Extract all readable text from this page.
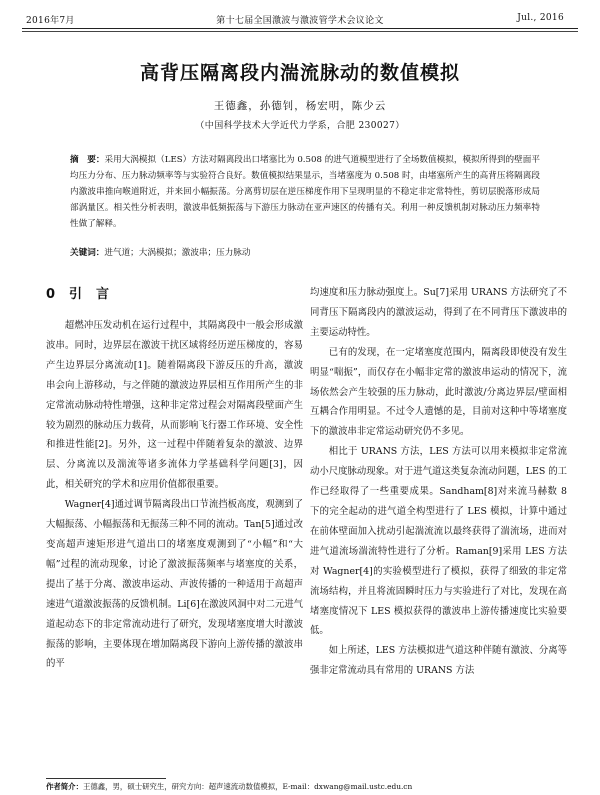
2016年7月	第十七届全国激波与激波管学术会议论文	Jul., 2016
高背压隔离段内湍流脉动的数值模拟
王德鑫，孙德钊，杨宏明，陈少云
（中国科学技术大学近代力学系，合肥 230027）
摘　要：采用大涡模拟（LES）方法对隔离段出口堵塞比为 0.508 的进气道模型进行了全场数值模拟，模拟所得到的壁面平均压力分布、压力脉动频率等与实验符合良好。数值模拟结果显示，当堵塞度为 0.508 时，由堵塞所产生的高背压将隔离段内激波串推向喉道附近，并来回小幅振荡。分离剪切层在逆压梯度作用下呈现明显的不稳定非定常特性，剪切层脱落形成局部涡量区。相关性分析表明，激波串低频振荡与下游压力脉动在亚声速区的传播有关。利用一种反馈机制对脉动压力频率特性做了解释。
关键词：进气道；大涡模拟；激波串；压力脉动
0 引言

超燃冲压发动机在运行过程中，其隔离段中一般会形成激波串。同时，边界层在激波干扰区域将经历逆压梯度的，容易产生边界层分离流动[1]。随着隔离段下游反压的升高，激波串会向上游移动，与之伴随的激波边界层相互作用所产生的非定常流动脉动特性增强，这种非定常过程会对隔离段壁面产生较为剧烈的脉动压力载荷，从而影响飞行器工作环境、安全性和推进性能[2]。另外，这一过程中伴随着复杂的激波、边界层、分离流以及湍流等诸多流体力学基础科学问题[3]，因此，相关研究的学术和应用价值都很重要。

Wagner[4]通过调节隔离段出口节流挡板高度，观测到了大幅振荡、小幅振荡和无振荡三种不同的流动。Tan[5]通过改变高超声速矩形进气道出口的堵塞度观测到了“小幅”和“大幅”过程的流动现象，讨论了激波振荡频率与堵塞度的关系，提出了基于分离、激波串运动、声波传播的一种适用于高超声速进气道激波振荡的反馈机制。Li[6]在激波风洞中对二元进气道起动态下的非定常流动进行了研究，发现堵塞度增大时激波振荡的影响，主要体现在增加隔离段下游向上游传播的激波串的平

均速度和压力脉动强度上。Su[7]采用 URANS 方法研究了不同背压下隔离段内的激波运动，得到了在不同背压下激波串的主要运动特性。

已有的发现，在一定堵塞度范围内，隔离段即使没有发生明显“喘振”，而仅存在小幅非定常的激波串运动的情况下，流场依然会产生较强的压力脉动，此时激波/分离边界层/壁面相互耦合作用明显。不过令人遗憾的是，目前对这种中等堵塞度下的激波串非定常运动研究仍不多见。

相比于 URANS 方法，LES 方法可以用来模拟非定常流动小尺度脉动现象。对于进气道这类复杂流动问题，LES 的工作已经取得了一些重要成果。Sandham[8]对来流马赫数 8 下的完全起动的进气道全构型进行了 LES 模拟，计算中通过在前体壁面加入扰动引起湍流流以最终获得了湍流场，进而对进气道流场湍流特性进行了分析。Raman[9]采用 LES 方法对 Wagner[4]的实验模型进行了模拟，获得了细致的非定常流场结构，并且将流固瞬时压力与实验进行了对比，发现在高堵塞度情况下 LES 模拟获得的激波串上游传播速度比实验要低。

如上所述，LES 方法模拟进气道这种伴随有激波、分离等强非定常流动具有常用的 URANS 方法

作者简介：王德鑫，男，硕士研究生，研究方向：超声速流动数值模拟，E-mail：dxwang@mail.ustc.edu.cn
